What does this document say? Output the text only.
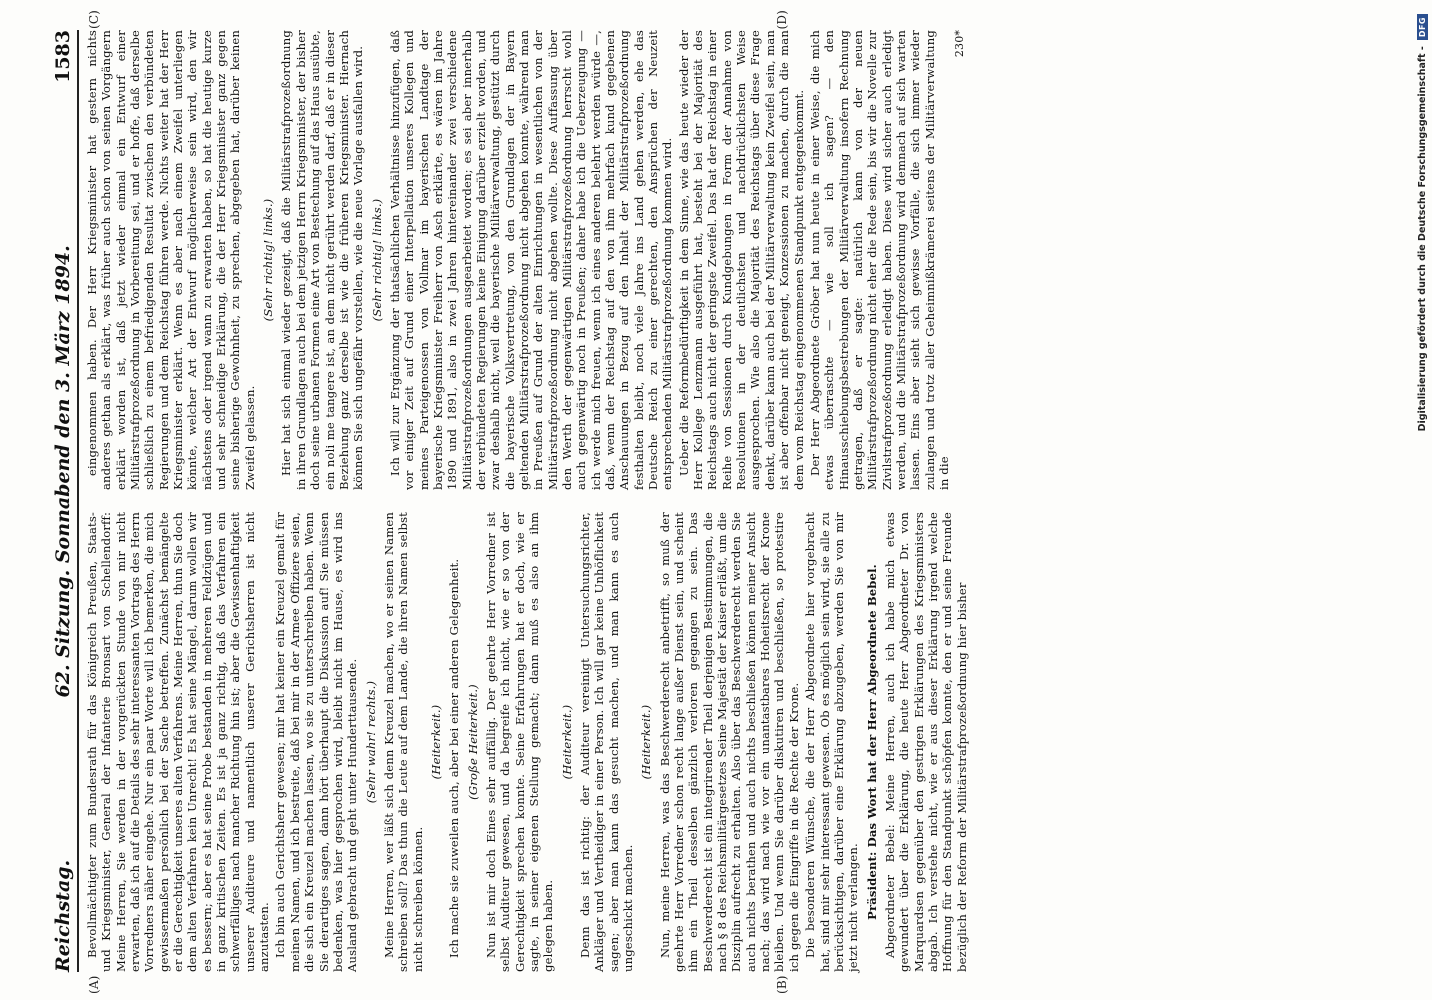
Reichstag.
62. Sitzung. Sonnabend den 3. März 1894.
1583
(A)	(B)

Bevollmächtigter zum Bundesrath für das Königreich Preußen, Staats- und Kriegsminister, General der Infanterie Bronsart von Schellendorff: Meine Herren, Sie werden in der vorgerückten Stunde von mir nicht erwarten, daß ich auf die Details des sehr interessanten Vortrags des Herrn Vorredners näher eingehe. Nur ein paar Worte will ich bemerken, die mich gewissermaßen persönlich bei der Sache betreffen. Zunächst bemängelte er die Gerechtigkeit unseres alten Verfahrens. Meine Herren, thun Sie doch dem alten Verfahren kein Unrecht! Es hat seine Mängel, darum wollen wir es bessern; aber es hat seine Probe bestanden in mehreren Feldzügen und in ganz kritischen Zeiten. Es ist ja ganz richtig, daß das Verfahren ein schwerfälliges nach mancher Richtung hin ist; aber die Gewissenhaftigkeit unserer Auditeure und namentlich unserer Gerichtsherren ist nicht anzutasten. Ich bin auch Gerichtsherr gewesen; mir hat keiner ein Kreuzel gemalt für meinen Namen, und ich bestreite, daß bei mir in der Armee Offiziere seien, die sich ein Kreuzel machen lassen, wo sie zu unterschreiben haben. Wenn Sie derartiges sagen, dann hört überhaupt die Diskussion auf! Sie müssen bedenken, was hier gesprochen wird, bleibt nicht im Hause, es wird ins Ausland gebracht und geht unter Hunderttausende. (Sehr wahr! rechts.) Meine Herren, wer läßt sich denn Kreuzel machen, wo er seinen Namen schreiben soll? Das thun die Leute auf dem Lande, die ihren Namen selbst nicht schreiben können.

(Heiterkeit.) Ich mache sie zuweilen auch, aber bei einer anderen Gelegenheit. (Große Heiterkeit.) Nun ist mir doch Eines sehr auffällig. Der geehrte Herr Vorredner ist selbst Auditeur gewesen, und da begreife ich nicht, wie er so von der Gerechtigkeit sprechen konnte. Seine Erfahrungen hat er doch, wie er sagte, in seiner eigenen Stellung gemacht; dann muß es also an ihm gelegen haben.

(Heiterkeit.) Denn das ist richtig: der Auditeur vereinigt Untersuchungsrichter, Ankläger und Vertheidiger in einer Person. Ich will gar keine Unhöflichkeit sagen; aber man kann das gesucht machen, und man kann es auch ungeschickt machen.

(Heiterkeit.) Nun, meine Herren, was das Beschwerderecht anbetrifft, so muß der geehrte Herr Vorredner schon recht lange außer Dienst sein, und scheint ihm ein Theil desselben gänzlich verloren gegangen zu sein. Das Beschwerderecht ist ein integrirender Theil derjenigen Bestimmungen, die nach § 8 des Reichsmilitärgesetzes Seine Majestät der Kaiser erläßt, um die Disziplin aufrecht zu erhalten. Also über das Beschwerderecht werden Sie auch nichts berathen und auch nichts beschließen können meiner Ansicht nach; das wird nach wie vor ein unantastbares Hoheitsrecht der Krone bleiben. Und wenn Sie darüber diskutiren und beschließen, so protestire ich gegen die Eingriffe in die Rechte der Krone. Die besonderen Wünsche, die der Herr Abgeordnete hier vorgebracht hat, sind mir sehr interessant gewesen. Ob es möglich sein wird, sie alle zu berücksichtigen, darüber eine Erklärung abzugeben, werden Sie von mir jetzt nicht verlangen. Präsident: Das Wort hat der Herr Abgeordnete Bebel. Abgeordneter Bebel: Meine Herren, auch ich habe mich etwas gewundert über die Erklärung, die heute Herr Abgeordneter Dr. von Marquardsen gegenüber den gestrigen Erklärungen des Kriegsministers abgab. Ich verstehe nicht, wie er aus dieser Erklärung irgend welche Hoffnung für den Standpunkt schöpfen konnte, den er und seine Freunde bezüglich der Reform der Militärstrafprozeßordnung hier bisher

(C)	(D)

eingenommen haben. Der Herr Kriegsminister hat gestern nichts anderes gethan als erklärt, was früher auch schon von seinen Vorgängern erklärt worden ist, daß jetzt wieder einmal ein Entwurf einer Militärstrafprozeßordnung in Vorbereitung sei, und er hoffe, daß derselbe schließlich zu einem befriedigenden Resultat zwischen den verbündeten Regierungen und dem Reichstag führen werde. Nichts weiter hat der Herr Kriegsminister erklärt. Wenn es aber nach einem Zweifel unterliegen könnte, welcher Art der Entwurf möglicherweise sein wird, den wir nächstens oder irgend wann zu erwarten haben, so hat die heutige kurze und sehr schneidige Erklärung, die der Herr Kriegsminister ganz gegen seine bisherige Gewohnheit, zu sprechen, abgegeben hat, darüber keinen Zweifel gelassen.

(Sehr richtig! links.) Hier hat sich einmal wieder gezeigt, daß die Militärstrafprozeßordnung in ihren Grundlagen auch bei dem jetzigen Herrn Kriegsminister, der bisher doch seine urbanen Formen eine Art von Bestechung auf das Haus ausübte, ein noli me tangere ist, an dem nicht gerührt werden darf, daß er in dieser Beziehung ganz derselbe ist wie die früheren Kriegsminister. Hiernach können Sie sich ungefähr vorstellen, wie die neue Vorlage ausfallen wird. (Sehr richtig! links.) Ich will zur Ergänzung der thatsächlichen Verhältnisse hinzufügen, daß vor einiger Zeit auf Grund einer Interpellation unseres Kollegen und meines Parteigenossen von Vollmar im bayerischen Landtage der bayerische Kriegsminister Freiherr von Asch erklärte, es wären im Jahre 1890 und 1891, also in zwei Jahren hintereinander zwei verschiedene Militärstrafprozeßordnungen ausgearbeitet worden; es sei aber innerhalb der verbündeten Regierungen keine Einigung darüber erzielt worden, und zwar deshalb nicht, weil die bayerische Militärverwaltung, gestützt durch die bayerische Volksvertretung, von den Grundlagen der in Bayern geltenden Militärstrafprozeßordnung nicht abgehen konnte, während man in Preußen auf Grund der alten Einrichtungen in wesentlichen von der Militärstrafprozeßordnung nicht abgehen wollte. Diese Auffassung über den Werth der gegenwärtigen Militärstrafprozeßordnung herrscht wohl auch gegenwärtig noch in Preußen; daher habe ich die Ueberzeugung — ich werde mich freuen, wenn ich eines anderen belehrt werden würde —, daß, wenn der Reichstag auf den von ihm mehrfach kund gegebenen Anschauungen in Bezug auf den Inhalt der Militärstrafprozeßordnung festhalten bleibt, noch viele Jahre ins Land gehen werden, ehe das Deutsche Reich zu einer gerechten, den Ansprüchen der Neuzeit entsprechenden Militärstrafprozeßordnung kommen wird. Ueber die Reformbedürftigkeit in dem Sinne, wie das heute wieder der Herr Kollege Lenzmann ausgeführt hat, besteht bei der Majorität des Reichstags auch nicht der geringste Zweifel. Das hat der Reichstag in einer Reihe von Sessionen durch Kundgebungen in Form der Annahme von Resolutionen in der deutlichsten und nachdrücklichsten Weise ausgesprochen. Wie also die Majorität des Reichstags über diese Frage denkt, darüber kann auch bei der Militärverwaltung kein Zweifel sein, man ist aber offenbar nicht geneigt, Konzessionen zu machen, durch die man dem vom Reichstag eingenommenen Standpunkt entgegenkommt. Der Herr Abgeordnete Gröber hat nun heute in einer Weise, die mich etwas überraschte — wie soll ich sagen? — den Hinausschiebungsbestrebungen der Militärverwaltung insofern Rechnung getragen, daß er sagte: natürlich kann von der neuen Militärstrafprozeßordnung nicht eher die Rede sein, bis wir die Novelle zur Zivilstrafprozeßordnung erledigt haben. Diese wird sicher auch erledigt werden, und die Militärstrafprozeßordnung wird demnach auf sich warten lassen. Eins aber sieht sich gewisse Vorfälle, die sich immer wieder zulangen und trotz aller Geheimnißkrämerei seitens der Militärverwaltung in die

230*
Digitalisierung gefördert durch die Deutsche Forschungsgemeinschaft -
DFG
